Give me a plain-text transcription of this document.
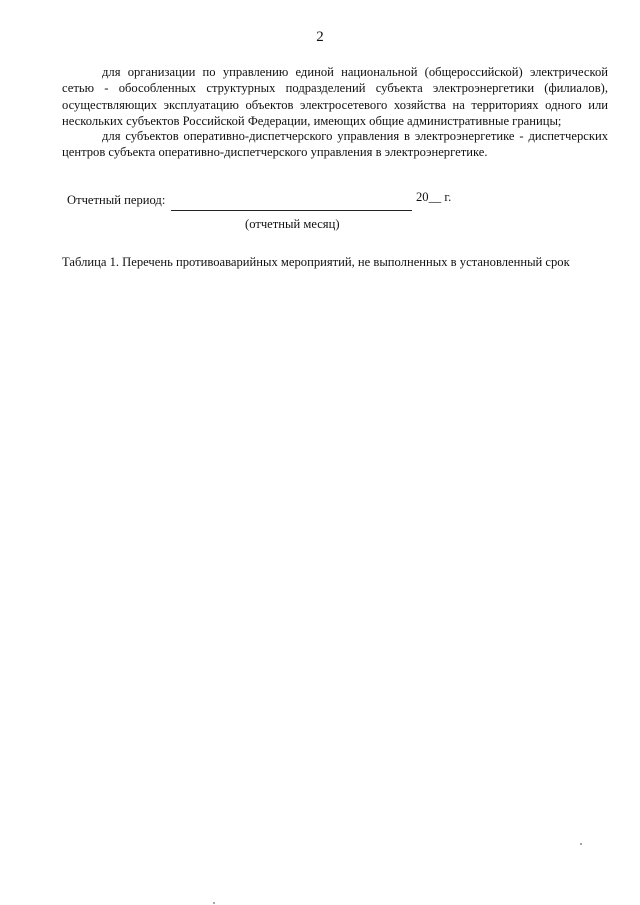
2

для организации по управлению единой национальной (общероссийской) электрической сетью - обособленных структурных подразделений субъекта электроэнергетики (филиалов), осуществляющих эксплуатацию объектов электросетевого хозяйства на территориях одного или нескольких субъектов Российской Федерации, имеющих общие административные границы;

для субъектов оперативно-диспетчерского управления в электроэнергетике - диспетчерских центров субъекта оперативно-диспетчерского управления в электроэнергетике.

Отчетный период:	20__ г.
(отчетный месяц)
Таблица 1. Перечень противоаварийных мероприятий, не выполненных в установленный срок
